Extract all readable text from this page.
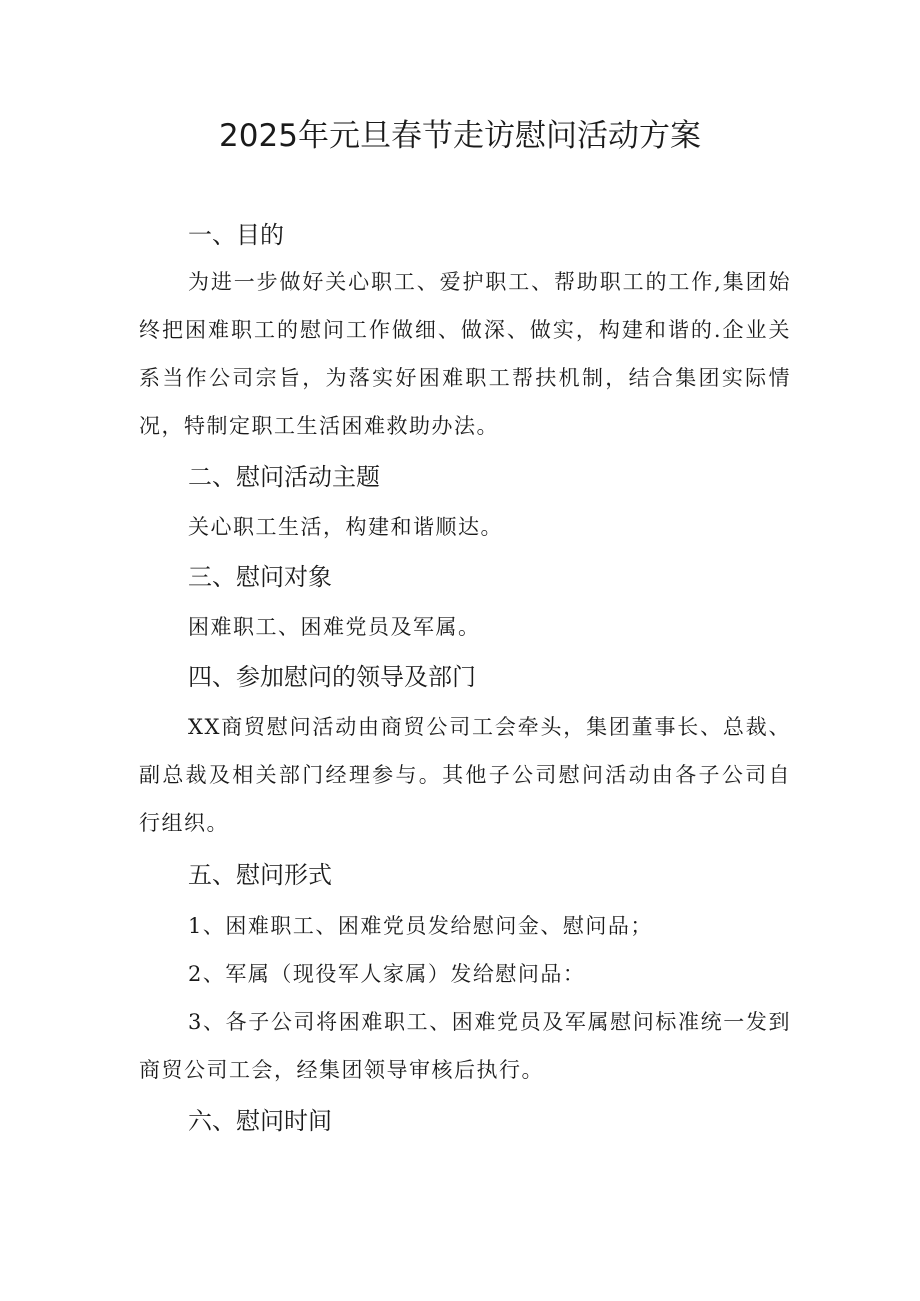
2025年元旦春节走访慰问活动方案
一、目的

为进一步做好关心职工、爱护职工、帮助职工的工作,集团始终把困难职工的慰问工作做细、做深、做实，构建和谐的.企业关系当作公司宗旨，为落实好困难职工帮扶机制，结合集团实际情况，特制定职工生活困难救助办法。

二、慰问活动主题

关心职工生活，构建和谐顺达。

三、慰问对象

困难职工、困难党员及军属。

四、参加慰问的领导及部门

XX商贸慰问活动由商贸公司工会牵头，集团董事长、总裁、副总裁及相关部门经理参与。其他子公司慰问活动由各子公司自行组织。

五、慰问形式

1、困难职工、困难党员发给慰问金、慰问品；

2、军属（现役军人家属）发给慰问品：

3、各子公司将困难职工、困难党员及军属慰问标准统一发到商贸公司工会，经集团领导审核后执行。

六、慰问时间
